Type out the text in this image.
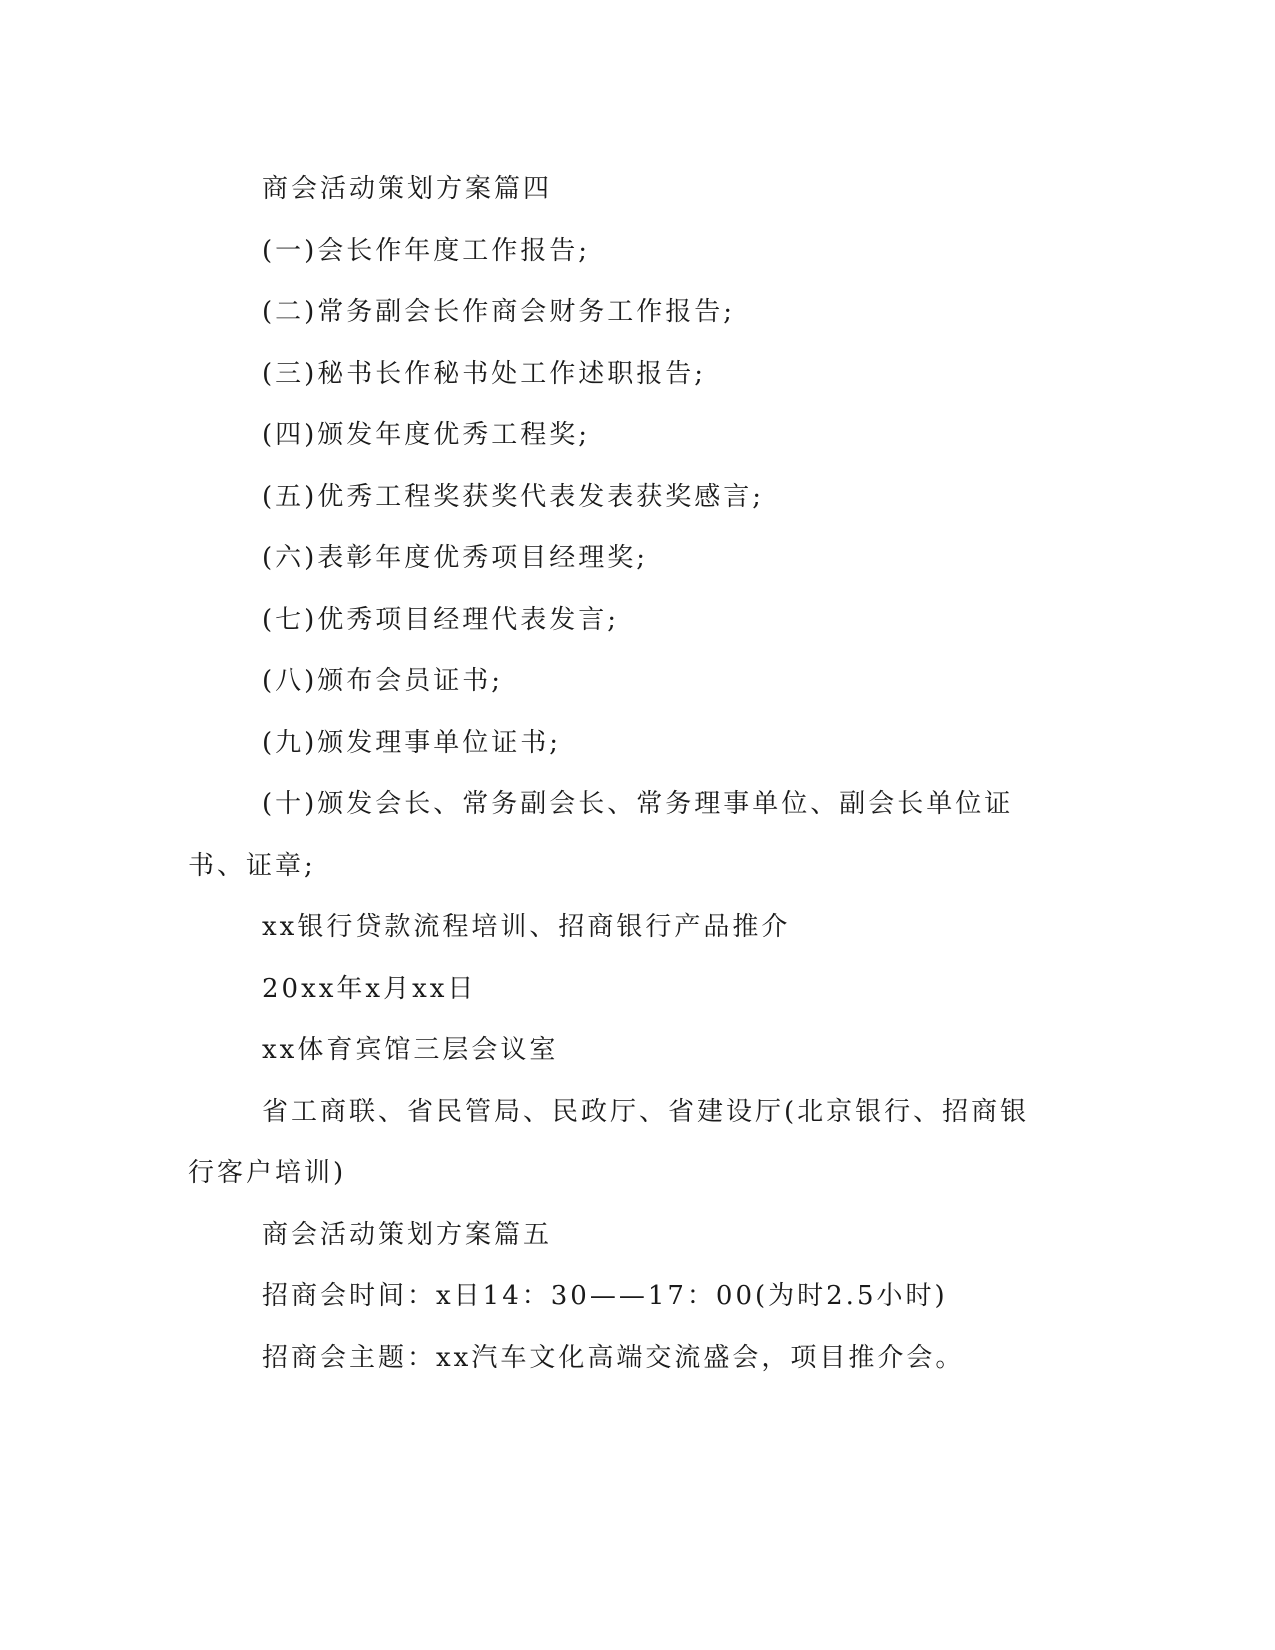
商会活动策划方案篇四

(一)会长作年度工作报告;

(二)常务副会长作商会财务工作报告;

(三)秘书长作秘书处工作述职报告;

(四)颁发年度优秀工程奖;

(五)优秀工程奖获奖代表发表获奖感言;

(六)表彰年度优秀项目经理奖;

(七)优秀项目经理代表发言;

(八)颁布会员证书;

(九)颁发理事单位证书;

(十)颁发会长、常务副会长、常务理事单位、副会长单位证书、证章;

xx银行贷款流程培训、招商银行产品推介

20xx年x月xx日

xx体育宾馆三层会议室

省工商联、省民管局、民政厅、省建设厅(北京银行、招商银行客户培训)

商会活动策划方案篇五

招商会时间：x日14：30——17：00(为时2.5小时)

招商会主题：xx汽车文化高端交流盛会，项目推介会。
